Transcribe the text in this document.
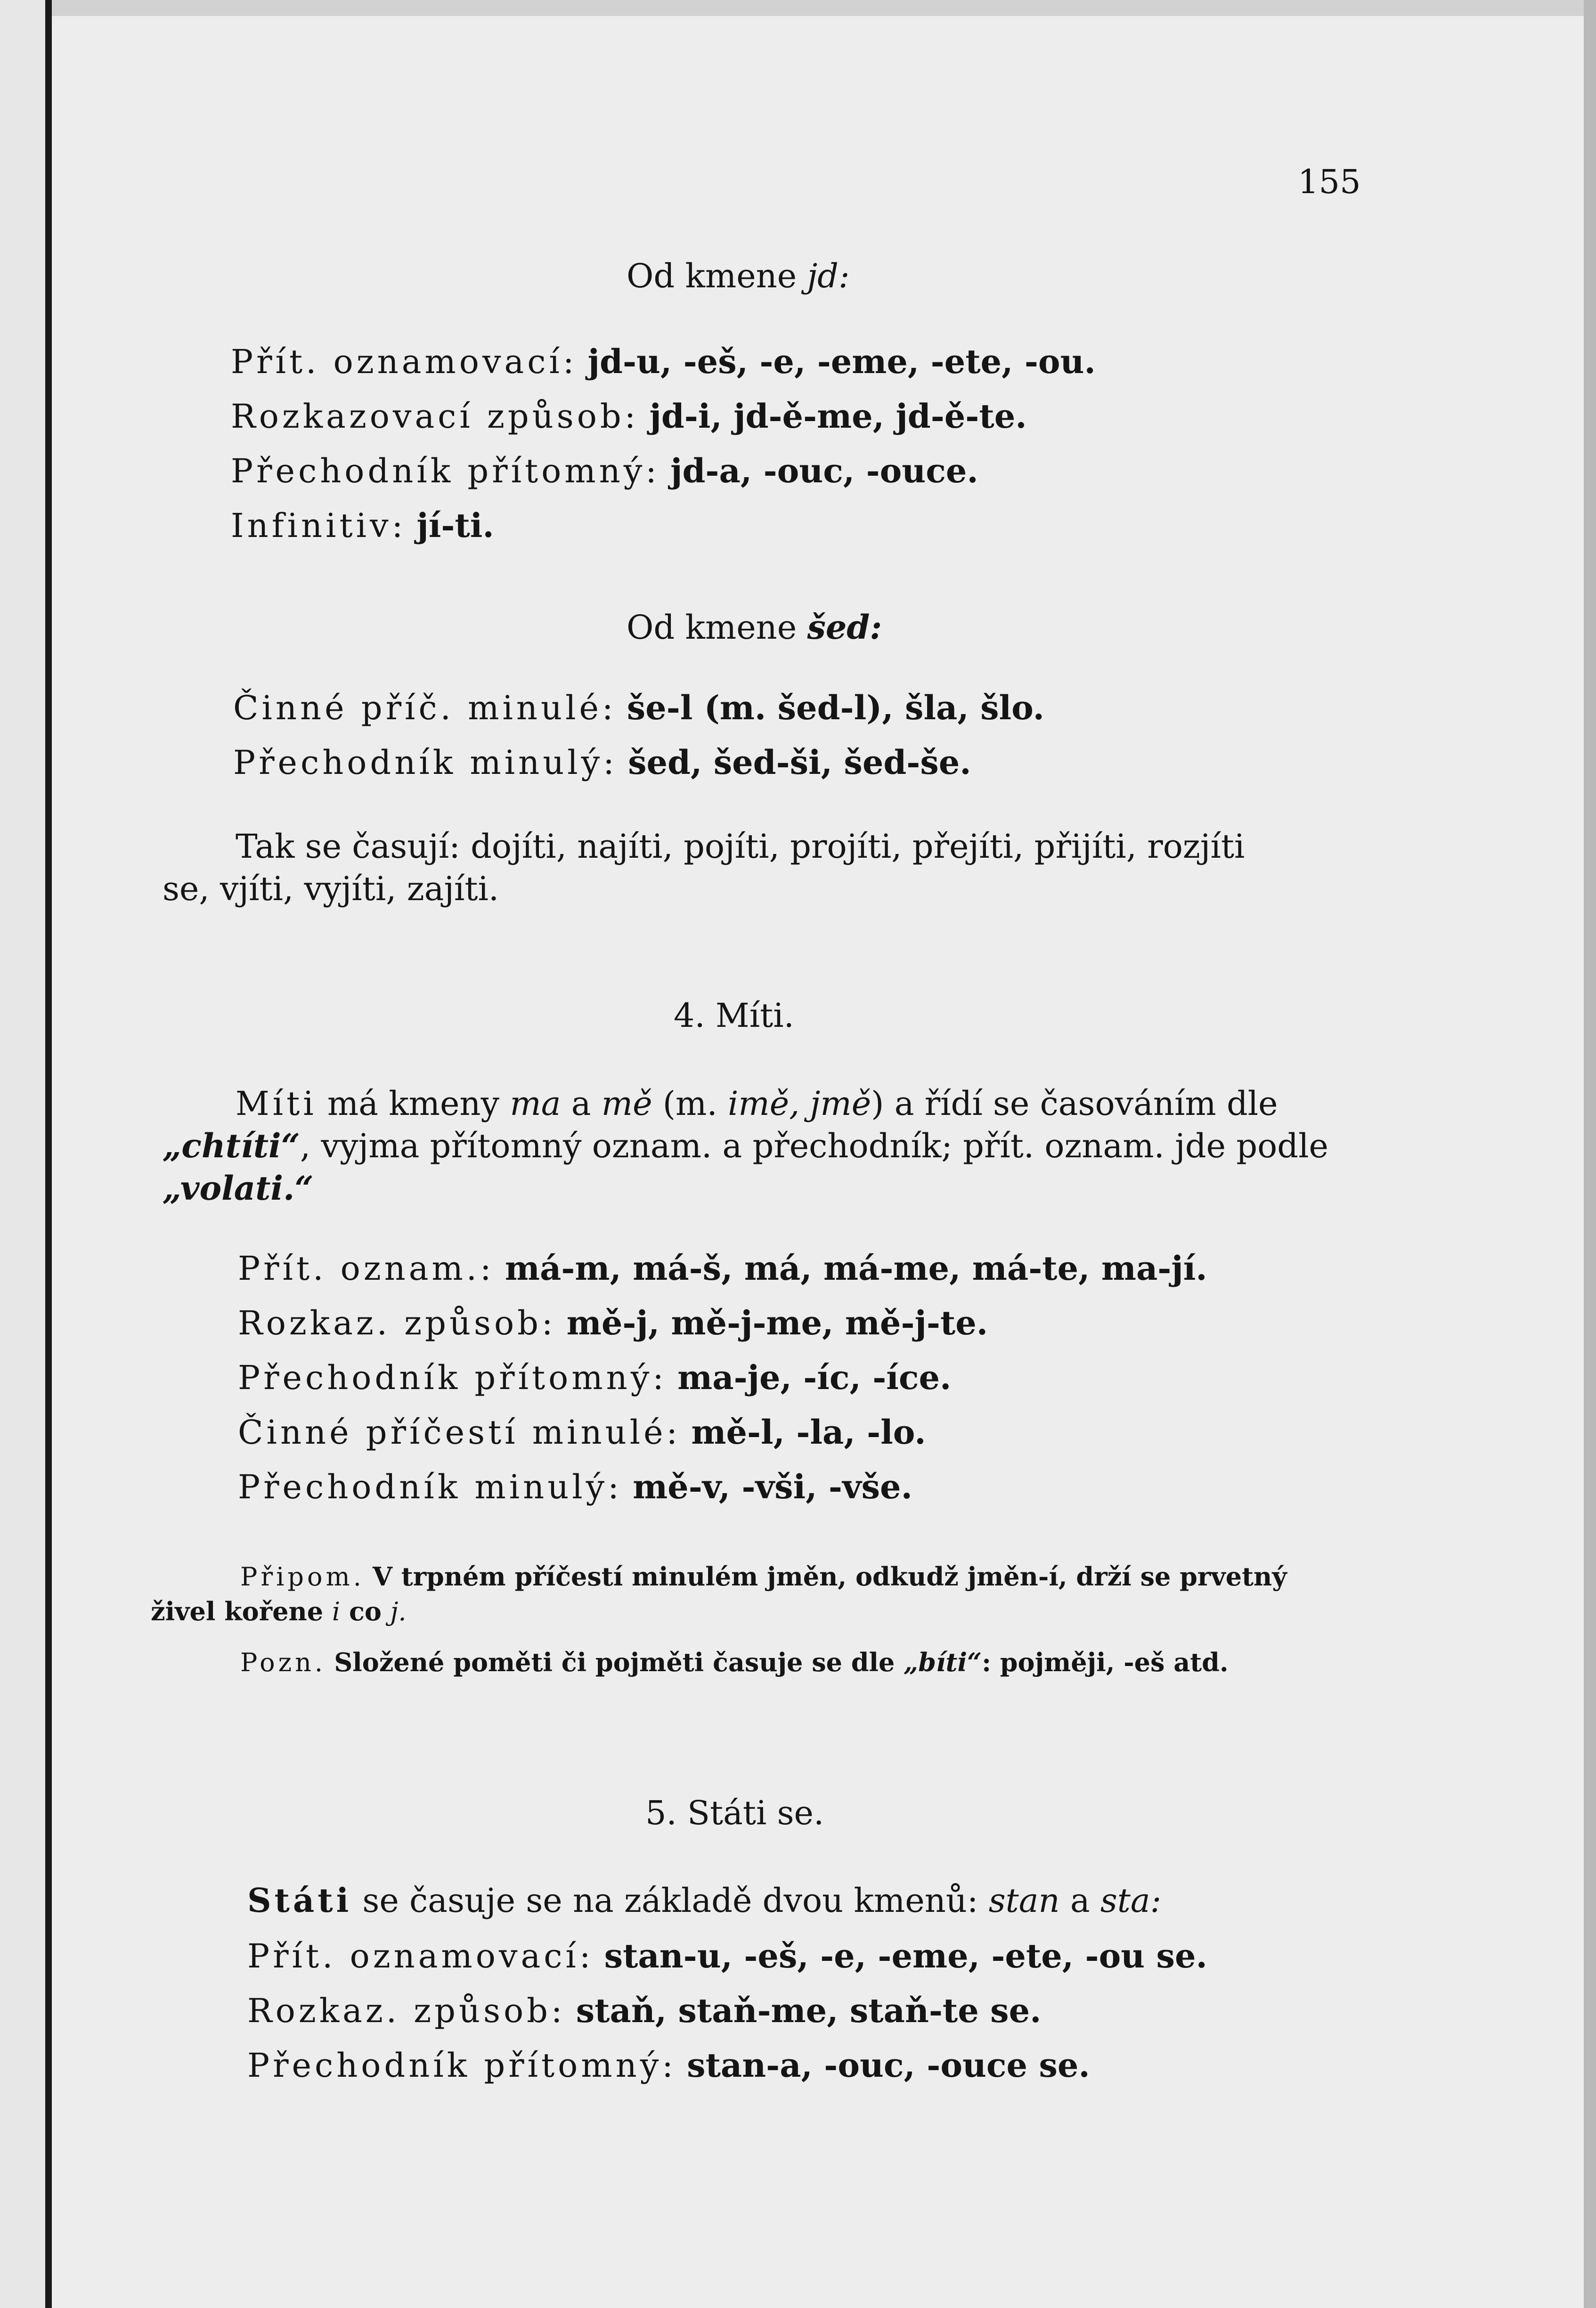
155
Od kmene jd:
Přít. oznamovací: jd-u, -eš, -e, -eme, -ete, -ou.
Rozkazovací způsob: jd-i, jd-ě-me, jd-ě-te.
Přechodník přítomný: jd-a, -ouc, -ouce.
Infinitiv: jí-ti.
Od kmene šed:
Činné příč. minulé: še-l (m. šed-l), šla, šlo.
Přechodník minulý: šed, šed-ši, šed-še.
Tak se časují: dojíti, najíti, pojíti, projíti, přejíti, přijíti, rozjíti
se, vjíti, vyjíti, zajíti.
4. Míti.
Míti má kmeny ma a mě (m. imě, jmě) a řídí se časováním dle
„chtíti“, vyjma přítomný oznam. a přechodník; přít. oznam. jde podle
„volati.“
Přít. oznam.: má-m, má-š, má, má-me, má-te, ma-jí.
Rozkaz. způsob: mě-j, mě-j-me, mě-j-te.
Přechodník přítomný: ma-je, -íc, -íce.
Činné příčestí minulé: mě-l, -la, -lo.
Přechodník minulý: mě-v, -vši, -vše.
Připom. V trpném příčestí minulém jměn, odkudž jměn-í, drží se prvetný
živel kořene i co j.
Pozn. Složené poměti či pojměti časuje se dle „bíti“: pojměji, -eš atd.
5. Státi se.
Státi se časuje se na základě dvou kmenů: stan a sta:
Přít. oznamovací: stan-u, -eš, -e, -eme, -ete, -ou se.
Rozkaz. způsob: staň, staň-me, staň-te se.
Přechodník přítomný: stan-a, -ouc, -ouce se.
